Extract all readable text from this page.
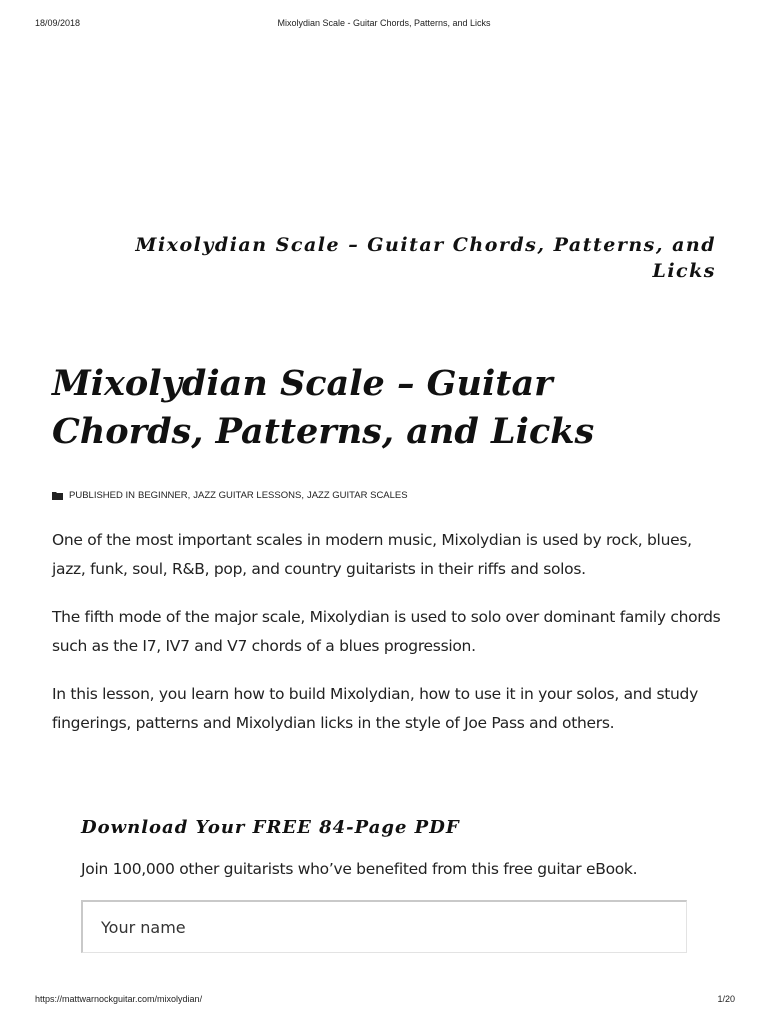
18/09/2018	Mixolydian Scale - Guitar Chords, Patterns, and Licks
Mixolydian Scale – Guitar Chords, Patterns, and Licks
Mixolydian Scale – Guitar Chords, Patterns, and Licks
PUBLISHED IN BEGINNER , JAZZ GUITAR LESSONS , JAZZ GUITAR SCALES

One of the most important scales in modern music, Mixolydian is used by rock, blues, jazz, funk, soul, R&B, pop, and country guitarists in their riffs and solos.

The fifth mode of the major scale, Mixolydian is used to solo over dominant family chords such as the I7, IV7 and V7 chords of a blues progression.

In this lesson, you learn how to build Mixolydian, how to use it in your solos, and study fingerings, patterns and Mixolydian licks in the style of Joe Pass and others.

Download Your FREE 84-Page PDF

Join 100,000 other guitarists who’ve benefited from this free guitar eBook.

Your name
https://mattwarnockguitar.com/mixolydian/	1/20
